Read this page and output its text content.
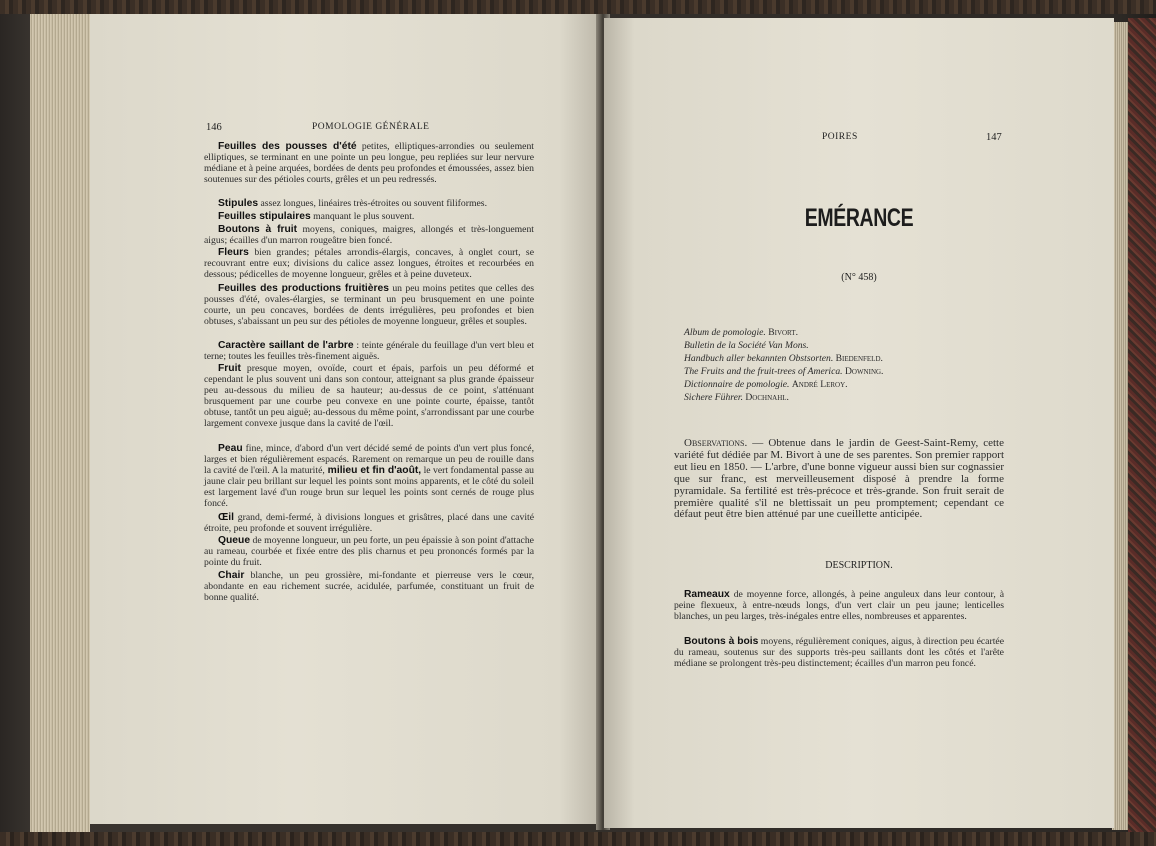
146	POMOLOGIE GÉNÉRALE
Feuilles des pousses d'été petites, elliptiques-arrondies ou seulement elliptiques, se terminant en une pointe un peu longue, peu repliées sur leur nervure médiane et à peine arquées, bordées de dents peu profondes et émoussées, assez bien soutenues sur des pétioles courts, grêles et un peu redressés.
Stipules assez longues, linéaires très-étroites ou souvent filiformes.
Feuilles stipulaires manquant le plus souvent.
Boutons à fruit moyens, coniques, maigres, allongés et très-longuement aigus; écailles d'un marron rougeâtre bien foncé.
Fleurs bien grandes; pétales arrondis-élargis, concaves, à onglet court, se recouvrant entre eux; divisions du calice assez longues, étroites et recourbées en dessous; pédicelles de moyenne longueur, grêles et à peine duveteux.
Feuilles des productions fruitières un peu moins petites que celles des pousses d'été, ovales-élargies, se terminant un peu brusquement en une pointe courte, un peu concaves, bordées de dents irrégulières, peu profondes et bien obtuses, s'abaissant un peu sur des pétioles de moyenne longueur, grêles et souples.
Caractère saillant de l'arbre : teinte générale du feuillage d'un vert bleu et terne; toutes les feuilles très-finement aiguës.
Fruit presque moyen, ovoïde, court et épais, parfois un peu déformé et cependant le plus souvent uni dans son contour, atteignant sa plus grande épaisseur peu au-dessous du milieu de sa hauteur; au-dessus de ce point, s'atténuant brusquement par une courbe peu convexe en une pointe courte, épaisse, tantôt obtuse, tantôt un peu aiguë; au-dessous du même point, s'arrondissant par une courbe largement convexe jusque dans la cavité de l'œil.
Peau fine, mince, d'abord d'un vert décidé semé de points d'un vert plus foncé, larges et bien régulièrement espacés. Rarement on remarque un peu de rouille dans la cavité de l'œil. A la maturité, milieu et fin d'août, le vert fondamental passe au jaune clair peu brillant sur lequel les points sont moins apparents, et le côté du soleil est largement lavé d'un rouge brun sur lequel les points sont cernés de rouge plus foncé.
Œil grand, demi-fermé, à divisions longues et grisâtres, placé dans une cavité étroite, peu profonde et souvent irrégulière.
Queue de moyenne longueur, un peu forte, un peu épaissie à son point d'attache au rameau, courbée et fixée entre des plis charnus et peu prononcés formés par la pointe du fruit.
Chair blanche, un peu grossière, mi-fondante et pierreuse vers le cœur, abondante en eau richement sucrée, acidulée, parfumée, constituant un fruit de bonne qualité.
POIRES	147
EMÉRANCE
(N° 458)
Album de pomologie. Bivort.
Bulletin de la Société Van Mons.
Handbuch aller bekannten Obstsorten. Biedenfeld.
The Fruits and the fruit-trees of America. Downing.
Dictionnaire de pomologie. André Leroy.
Sichere Führer. Dochnahl.
Observations. — Obtenue dans le jardin de Geest-Saint-Remy, cette variété fut dédiée par M. Bivort à une de ses parentes. Son premier rapport eut lieu en 1850. — L'arbre, d'une bonne vigueur aussi bien sur cognassier que sur franc, est merveilleusement disposé à prendre la forme pyramidale. Sa fertilité est très-précoce et très-grande. Son fruit serait de première qualité s'il ne blettissait un peu promptement; cependant ce défaut peut être bien atténué par une cueillette anticipée.
DESCRIPTION.
Rameaux de moyenne force, allongés, à peine anguleux dans leur contour, à peine flexueux, à entre-nœuds longs, d'un vert clair un peu jaune; lenticelles blanches, un peu larges, très-inégales entre elles, nombreuses et apparentes.
Boutons à bois moyens, régulièrement coniques, aigus, à direction peu écartée du rameau, soutenus sur des supports très-peu saillants dont les côtés et l'arête médiane se prolongent très-peu distinctement; écailles d'un marron peu foncé.
